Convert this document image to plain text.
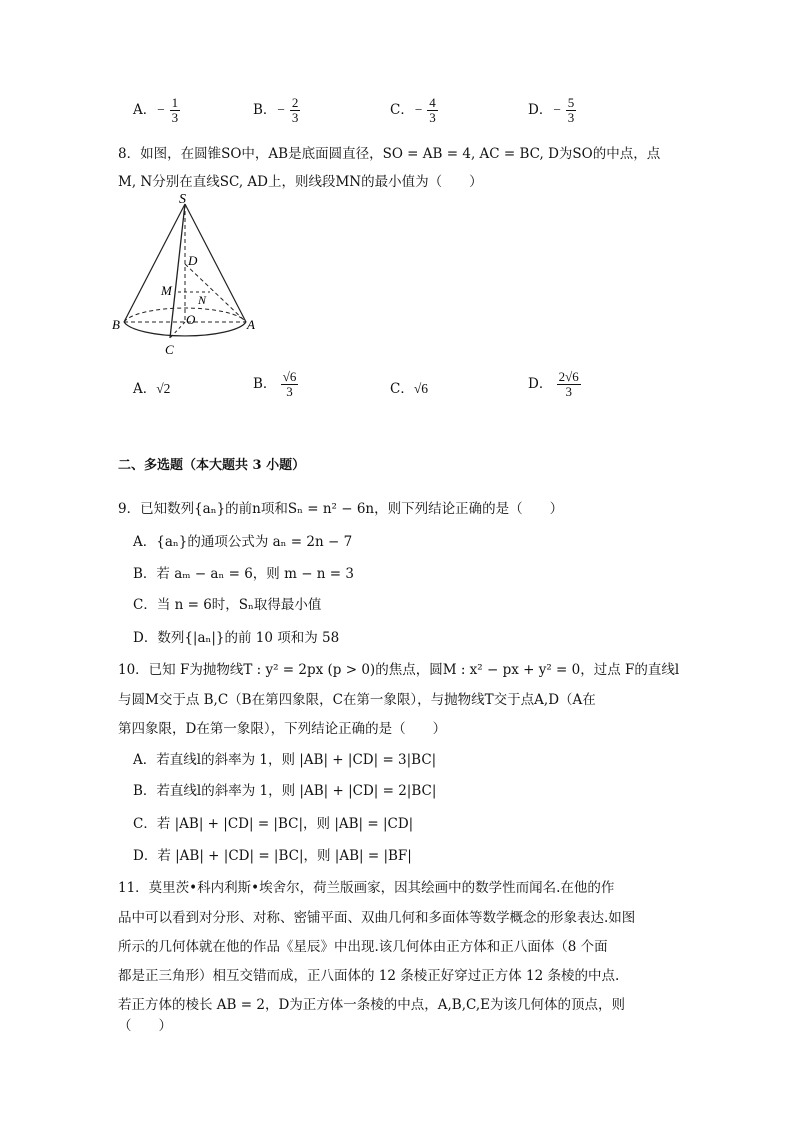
A．− $\frac{1}{3}$	B．− $\frac{2}{3}$	C．− $\frac{4}{3}$	D．− $\frac{5}{3}$
8．如图，在圆锥SO中，AB是底面圆直径，SO = AB = 4, AC = BC, D为SO的中点，点
M, N分别在直线SC, AD上，则线段MN的最小值为（　　）
S
D
M
N
O
B	A
C
A．√2	B． $\frac{√6}{3}$	C．√6	D． $\frac{2√6}{3}$
二、多选题（本大题共 3 小题）
9．已知数列{aₙ}的前n项和Sₙ = n² − 6n，则下列结论正确的是（　　）
A．{aₙ}的通项公式为 aₙ = 2n − 7
B．若 aₘ − aₙ = 6，则 m − n = 3
C．当 n = 6时，Sₙ取得最小值
D．数列{|aₙ|}的前 10 项和为 58
10．已知 F为抛物线T : y² = 2px (p > 0)的焦点，圆M : x² − px + y² = 0，过点 F的直线l
与圆M交于点 B,C（B在第四象限，C在第一象限），与抛物线T交于点A,D（A在
第四象限，D在第一象限），下列结论正确的是（　　）
A．若直线l的斜率为 1，则 |AB| + |CD| = 3|BC|
B．若直线l的斜率为 1，则 |AB| + |CD| = 2|BC|
C．若 |AB| + |CD| = |BC|，则 |AB| = |CD|
D．若 |AB| + |CD| = |BC|，则 |AB| = |BF|
11．莫里茨•科内利斯•埃舍尔，荷兰版画家，因其绘画中的数学性而闻名.在他的作
品中可以看到对分形、对称、密铺平面、双曲几何和多面体等数学概念的形象表达.如图
所示的几何体就在他的作品《星辰》中出现.该几何体由正方体和正八面体（8 个面
都是正三角形）相互交错而成，正八面体的 12 条棱正好穿过正方体 12 条棱的中点.
若正方体的棱长 AB = 2，D为正方体一条棱的中点，A,B,C,E为该几何体的顶点，则
（　　）
